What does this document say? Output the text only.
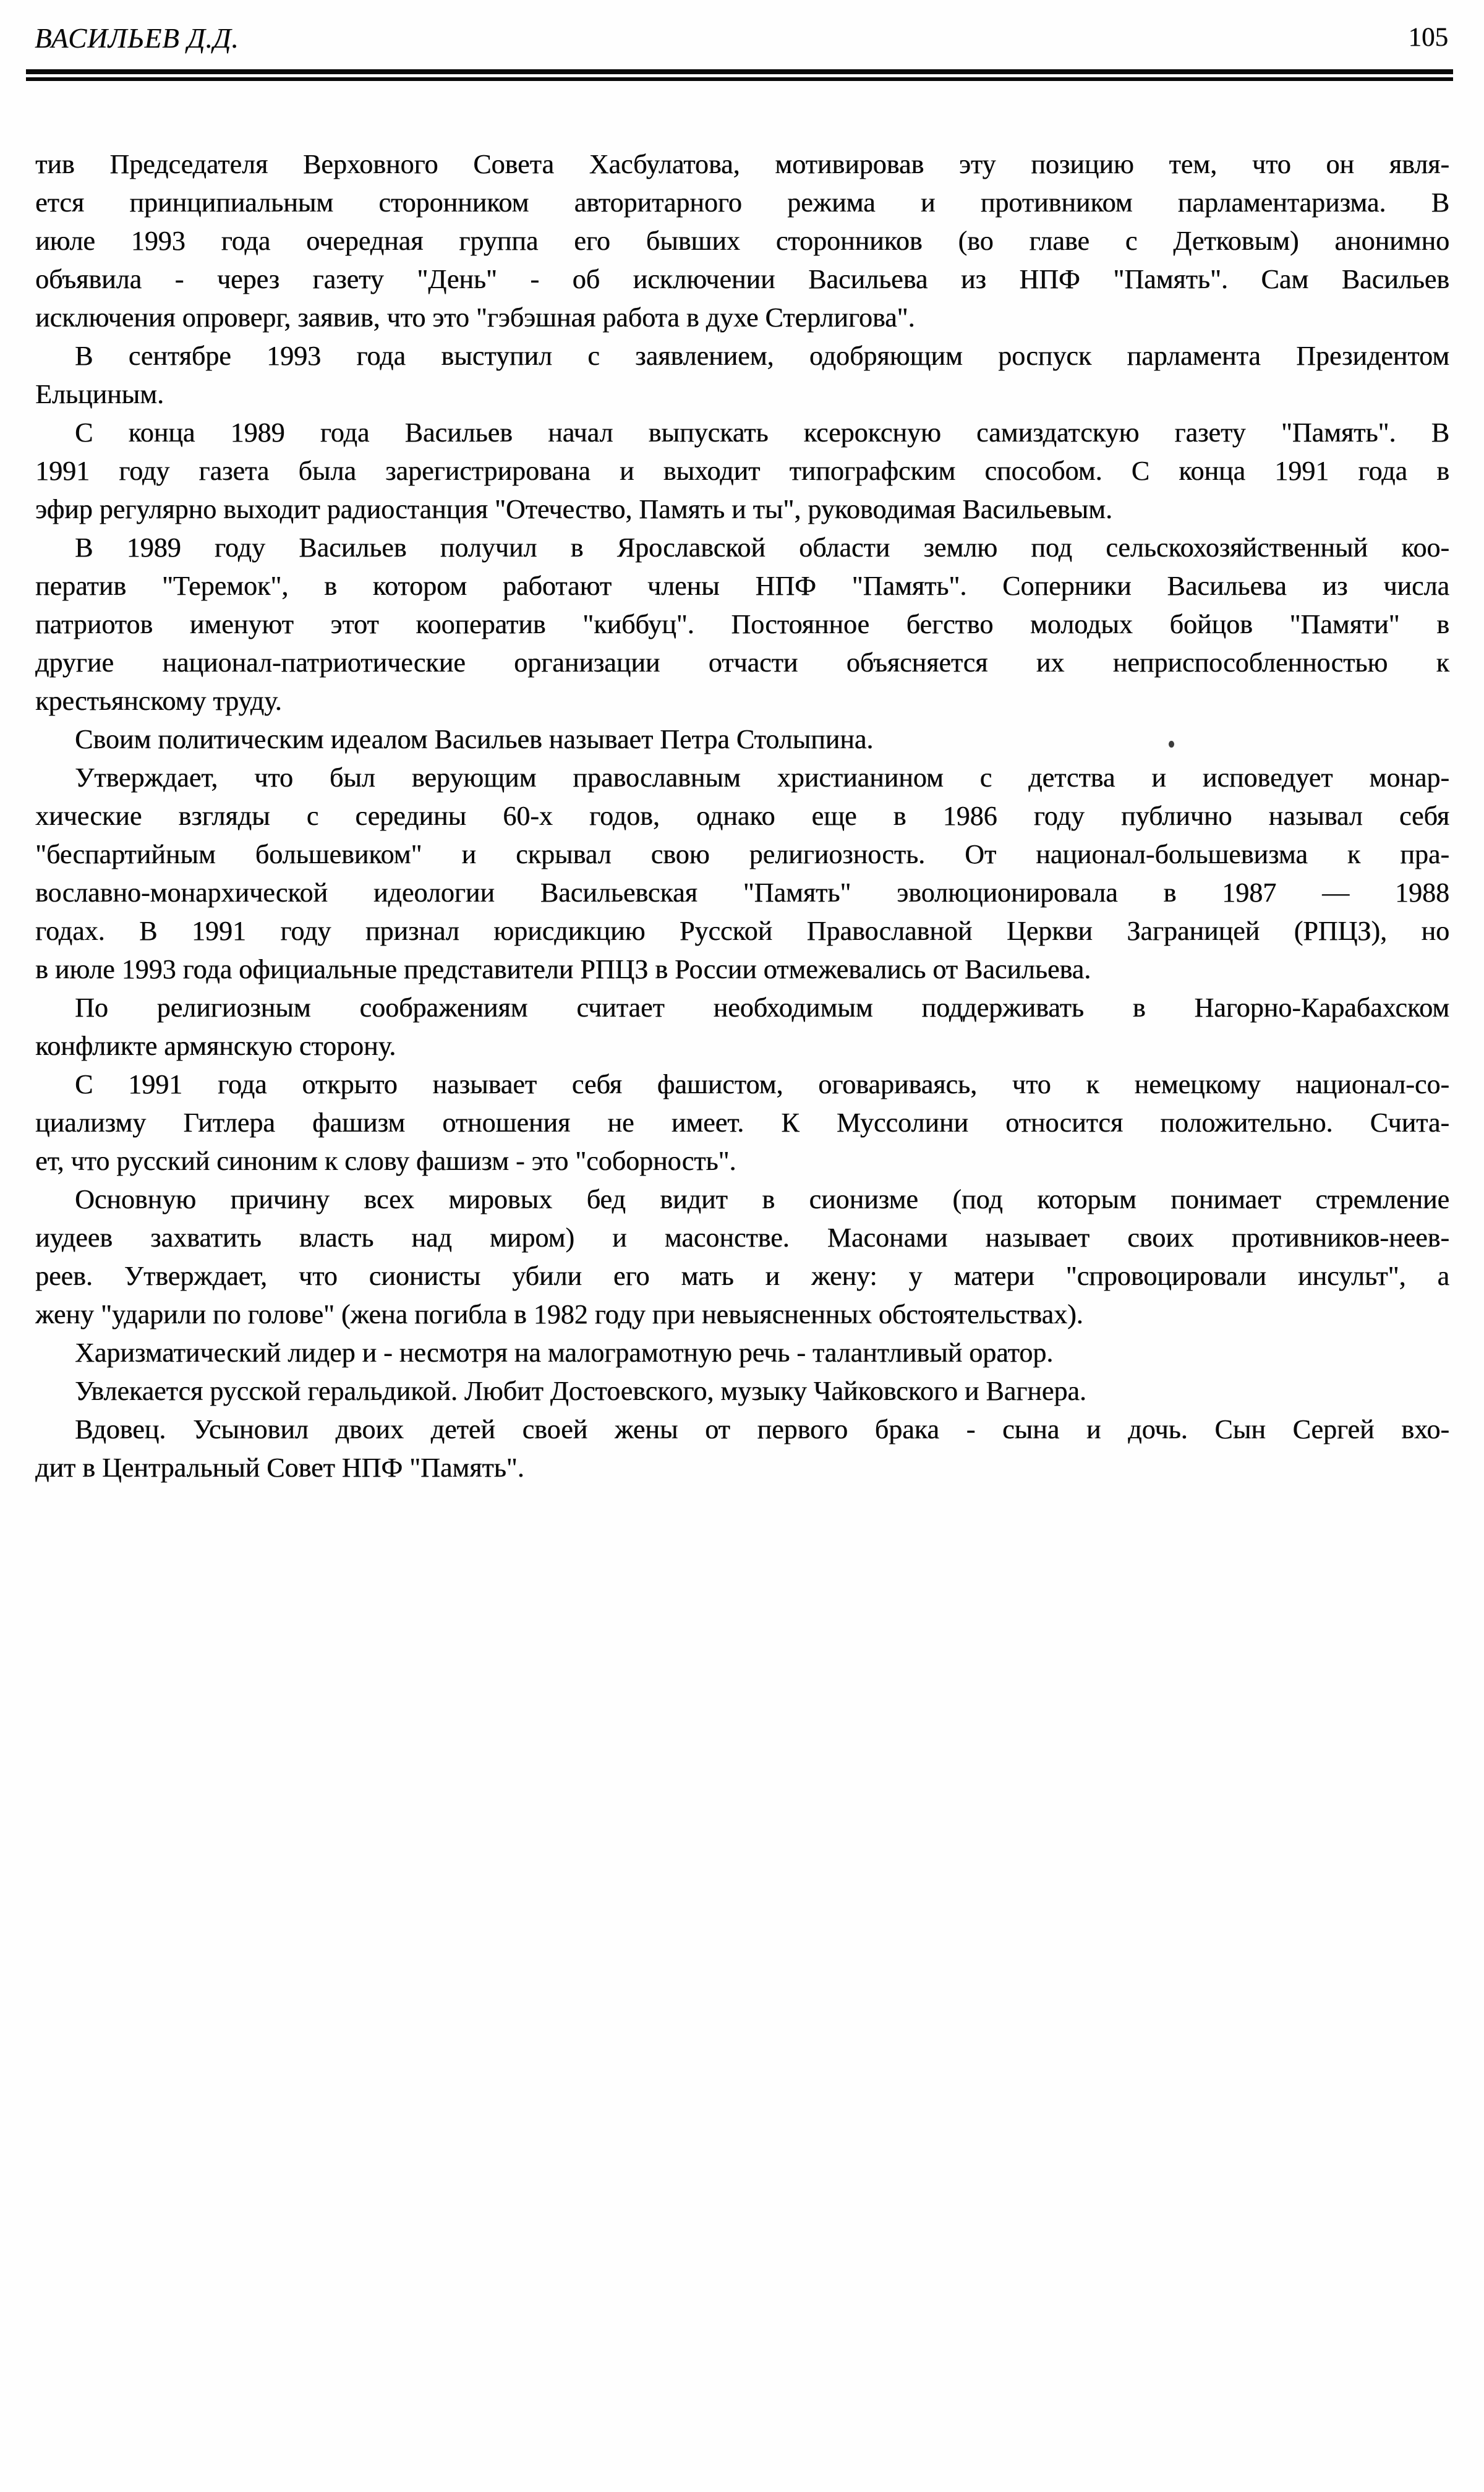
ВАСИЛЬЕВ Д.Д.	105

тив Председателя Верховного Совета Хасбулатова, мотивировав эту позицию тем, что он явля-
ется принципиальным сторонником авторитарного режима и противником парламентаризма. В
июле 1993 года очередная группа его бывших сторонников (во главе с Детковым) анонимно
объявила - через газету "День" - об исключении Васильева из НПФ "Память". Сам Васильев
исключения опроверг, заявив, что это "гэбэшная работа в духе Стерлигова".

В сентябре 1993 года выступил с заявлением, одобряющим роспуск парламента Президентом
Ельциным.

С конца 1989 года Васильев начал выпускать ксероксную самиздатскую газету "Память". В
1991 году газета была зарегистрирована и выходит типографским способом. С конца 1991 года в
эфир регулярно выходит радиостанция "Отечество, Память и ты", руководимая Васильевым.

В 1989 году Васильев получил в Ярославской области землю под сельскохозяйственный коо-
ператив "Теремок", в котором работают члены НПФ "Память". Соперники Васильева из числа
патриотов именуют этот кооператив "киббуц". Постоянное бегство молодых бойцов "Памяти" в
другие национал-патриотические организации отчасти объясняется их неприспособленностью к
крестьянскому труду.

Своим политическим идеалом Васильев называет Петра Столыпина.

Утверждает, что был верующим православным христианином с детства и исповедует монар-
хические взгляды с середины 60-х годов, однако еще в 1986 году публично называл себя
"беспартийным большевиком" и скрывал свою религиозность. От национал-большевизма к пра-
вославно-монархической идеологии Васильевская "Память" эволюционировала в 1987 — 1988
годах. В 1991 году признал юрисдикцию Русской Православной Церкви Заграницей (РПЦЗ), но
в июле 1993 года официальные представители РПЦЗ в России отмежевались от Васильева.

По религиозным соображениям считает необходимым поддерживать в Нагорно-Карабахском
конфликте армянскую сторону.

С 1991 года открыто называет себя фашистом, оговариваясь, что к немецкому национал-со-
циализму Гитлера фашизм отношения не имеет. К Муссолини относится положительно. Счита-
ет, что русский синоним к слову фашизм - это "соборность".

Основную причину всех мировых бед видит в сионизме (под которым понимает стремление
иудеев захватить власть над миром) и масонстве. Масонами называет своих противников-неев-
реев. Утверждает, что сионисты убили его мать и жену: у матери "спровоцировали инсульт", а
жену "ударили по голове" (жена погибла в 1982 году при невыясненных обстоятельствах).

Харизматический лидер и - несмотря на малограмотную речь - талантливый оратор.

Увлекается русской геральдикой. Любит Достоевского, музыку Чайковского и Вагнера.

Вдовец. Усыновил двоих детей своей жены от первого брака - сына и дочь. Сын Сергей вхо-
дит в Центральный Совет НПФ "Память".
